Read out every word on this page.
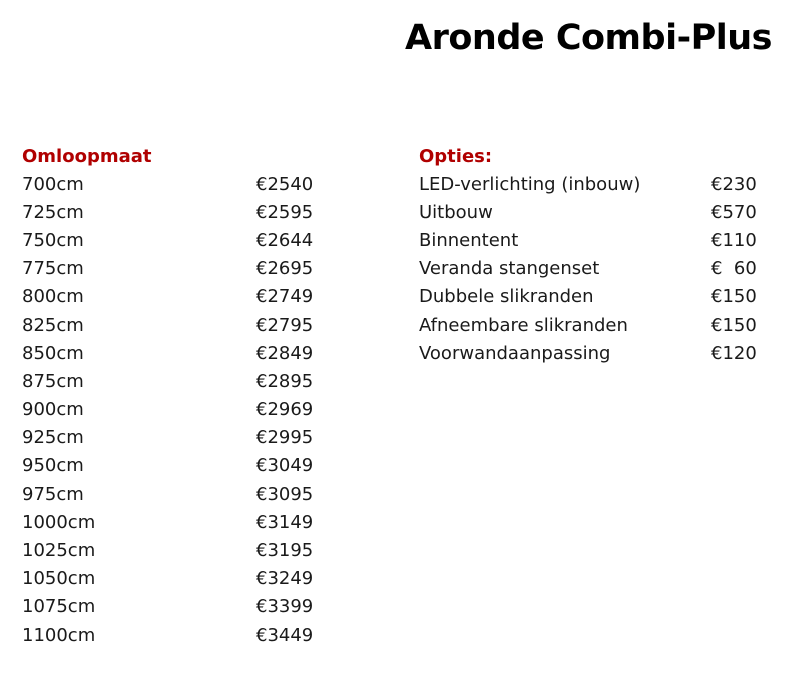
Aronde Combi-Plus
Omloopmaat
700cm	€2540
725cm	€2595
750cm	€2644
775cm	€2695
800cm	€2749
825cm	€2795
850cm	€2849
875cm	€2895
900cm	€2969
925cm	€2995
950cm	€3049
975cm	€3095
1000cm	€3149
1025cm	€3195
1050cm	€3249
1075cm	€3399
1100cm	€3449
Opties:
LED-verlichting (inbouw)	€230
Uitbouw	€570
Binnentent	€110
Veranda stangenset	€  60
Dubbele slikranden	€150
Afneembare slikranden	€150
Voorwandaanpassing	€120
